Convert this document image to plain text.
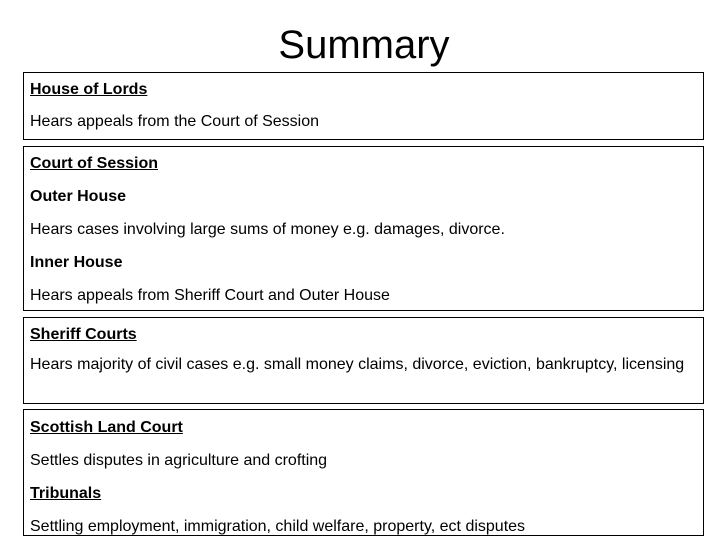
Summary

House of Lords

Hears appeals from the Court of Session

Court of Session

Outer House

Hears cases involving large sums of money e.g. damages, divorce.

Inner House

Hears appeals from Sheriff Court and Outer House

Sheriff Courts

Hears majority of civil cases e.g. small money claims, divorce, eviction, bankruptcy, licensing

Scottish Land Court

Settles disputes in agriculture and crofting

Tribunals

Settling employment, immigration, child welfare, property, ect disputes
